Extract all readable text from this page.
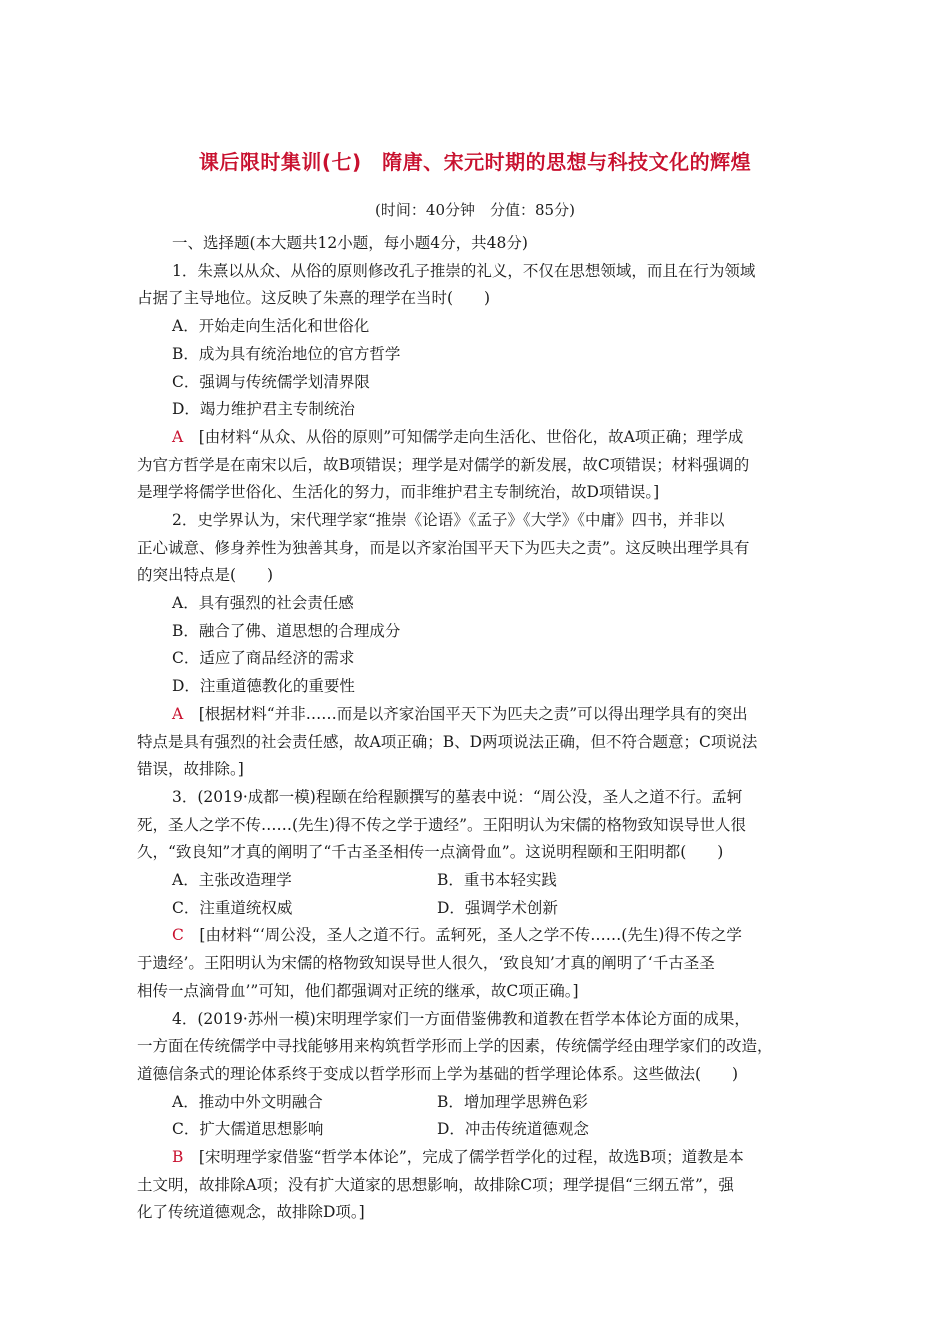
课后限时集训(七)　隋唐、宋元时期的思想与科技文化的辉煌
(时间：40分钟　分值：85分)
一、选择题(本大题共12小题，每小题4分，共48分)
1．朱熹以从众、从俗的原则修改孔子推崇的礼义，不仅在思想领域，而且在行为领域
占据了主导地位。这反映了朱熹的理学在当时(　　)
A．开始走向生活化和世俗化
B．成为具有统治地位的官方哲学
C．强调与传统儒学划清界限
D．竭力维护君主专制统治
A　 [由材料“从众、从俗的原则”可知儒学走向生活化、世俗化，故A项正确；理学成
为官方哲学是在南宋以后，故B项错误；理学是对儒学的新发展，故C项错误；材料强调的
是理学将儒学世俗化、生活化的努力，而非维护君主专制统治，故D项错误。]
2．史学界认为，宋代理学家“推崇《论语》《孟子》《大学》《中庸》四书，并非以
正心诚意、修身养性为独善其身，而是以齐家治国平天下为匹夫之责”。这反映出理学具有
的突出特点是(　　)
A．具有强烈的社会责任感
B．融合了佛、道思想的合理成分
C．适应了商品经济的需求
D．注重道德教化的重要性
A　 [根据材料“并非……而是以齐家治国平天下为匹夫之责”可以得出理学具有的突出
特点是具有强烈的社会责任感，故A项正确；B、D两项说法正确，但不符合题意；C项说法
错误，故排除。]
3．(2019·成都一模)程颐在给程颢撰写的墓表中说：“周公没，圣人之道不行。孟轲
死，圣人之学不传……(先生)得不传之学于遗经”。王阳明认为宋儒的格物致知误导世人很
久，“致良知”才真的阐明了“千古圣圣相传一点滴骨血”。这说明程颐和王阳明都(　　)
A．主张改造理学	B．重书本轻实践
C．注重道统权威	D．强调学术创新
C　 [由材料“‘周公没，圣人之道不行。孟轲死，圣人之学不传……(先生)得不传之学
于遗经’。王阳明认为宋儒的格物致知误导世人很久，‘致良知’才真的阐明了‘千古圣圣
相传一点滴骨血’”可知，他们都强调对正统的继承，故C项正确。]
4．(2019·苏州一模)宋明理学家们一方面借鉴佛教和道教在哲学本体论方面的成果，
一方面在传统儒学中寻找能够用来构筑哲学形而上学的因素，传统儒学经由理学家们的改造，
道德信条式的理论体系终于变成以哲学形而上学为基础的哲学理论体系。这些做法(　　)
A．推动中外文明融合	B．增加理学思辨色彩
C．扩大儒道思想影响	D．冲击传统道德观念
B　 [宋明理学家借鉴“哲学本体论”，完成了儒学哲学化的过程，故选B项；道教是本
土文明，故排除A项；没有扩大道家的思想影响，故排除C项；理学提倡“三纲五常”，强
化了传统道德观念，故排除D项。]
